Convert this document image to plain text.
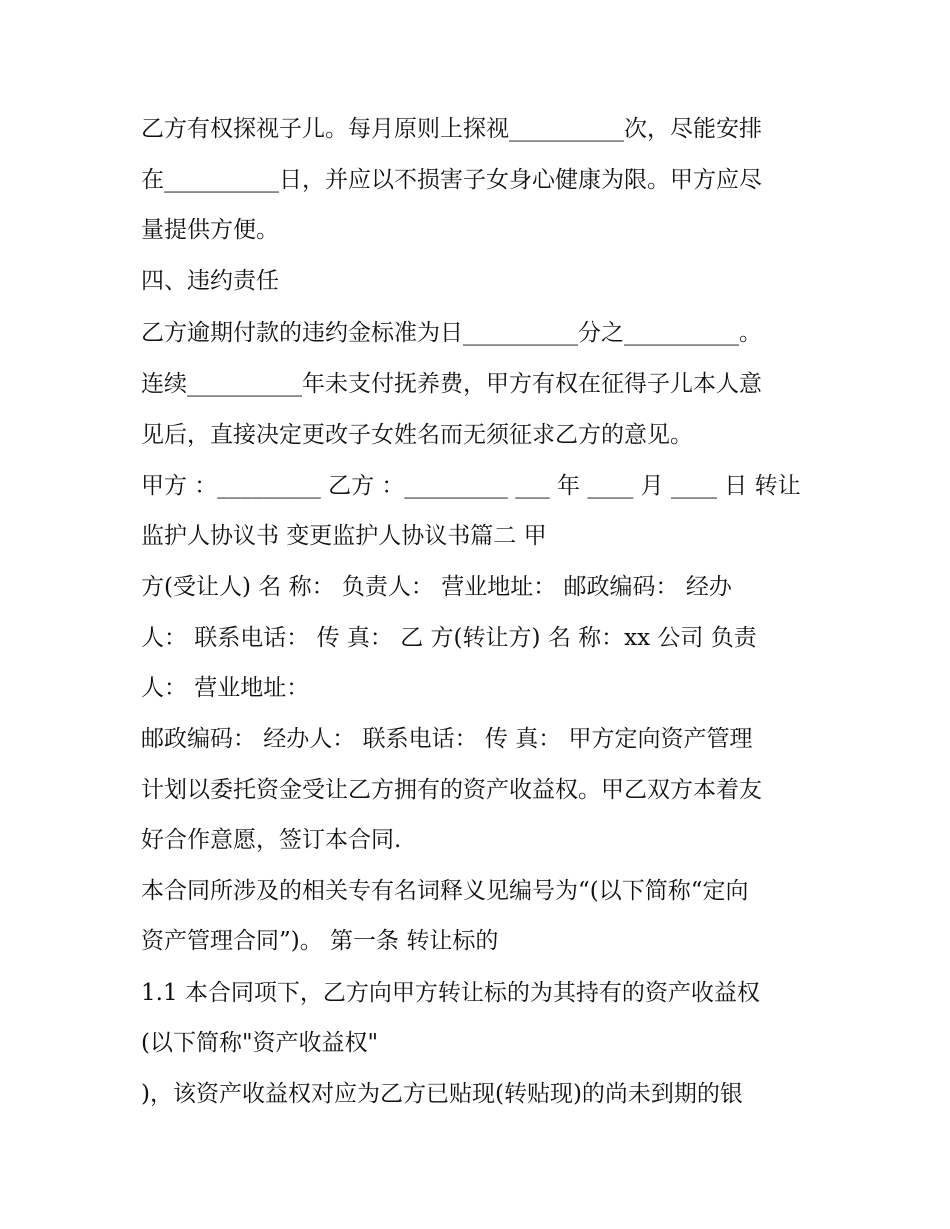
乙方有权探视子儿。每月原则上探视__________次，尽能安排

在__________日，并应以不损害子女身心健康为限。甲方应尽

量提供方便。

四、违约责任

乙方逾期付款的违约金标准为日__________分之__________。

连续__________年未支付抚养费，甲方有权在征得子儿本人意

见后，直接决定更改子女姓名而无须征求乙方的意见。

甲方 ：_________ 乙方 ：_________ ___ 年 ____ 月 ____ 日 转让

监护人协议书 变更监护人协议书篇二 甲

方(受让人) 名 称： 负责人： 营业地址： 邮政编码： 经办

人： 联系电话： 传 真： 乙 方(转让方) 名 称：xx 公司 负责

人： 营业地址：

邮政编码： 经办人： 联系电话： 传 真： 甲方定向资产管理

计划以委托资金受让乙方拥有的资产收益权。甲乙双方本着友

好合作意愿，签订本合同.

本合同所涉及的相关专有名词释义见编号为“(以下简称“定向

资产管理合同”)。 第一条 转让标的

1.1 本合同项下，乙方向甲方转让标的为其持有的资产收益权

(以下简称"资产收益权"

)，该资产收益权对应为乙方已贴现(转贴现)的尚未到期的银
